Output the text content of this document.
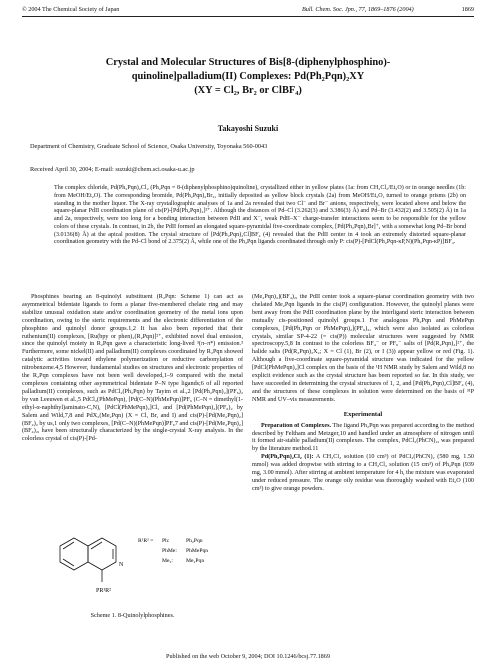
© 2004 The Chemical Society of Japan	Bull. Chem. Soc. Jpn., 77, 1869–1876 (2004)	1869
Crystal and Molecular Structures of Bis[8-(diphenylphosphino)-
quinoline]palladium(II) Complexes: Pd(Ph₂Pqn)₂XY
(XY = Cl₂, Br₂ or ClBF₄)
Takayoshi Suzuki
Department of Chemistry, Graduate School of Science, Osaka University, Toyonaka 560-0043
Received April 30, 2004; E-mail: suzuki@chem.sci.osaka-u.ac.jp
The complex chloride, Pd(Ph₂Pqn)₂Cl₂ (Ph₂Pqn = 8-(diphenylphosphino)quinoline), crystallized either in yellow plates (1a: from CH₂Cl₂/Et₂O) or in orange needles (1b: from MeOH/Et₂O). The corresponding bromide, Pd(Ph₂Pqn)₂Br₂, initially deposited as yellow block crystals (2a) from MeOH/Et₂O, turned to orange prisms (2b) on standing in the mother liquor. The X-ray crystallographic analyses of 1a and 2a revealed that two Cl⁻ and Br⁻ anions, respectively, were located above and below the square-planar PdII coordination plane of cis(P)-[Pd(Ph₂Pqn)₂]²⁺. Although the distances of Pd–Cl (3.262(3) and 3.386(3) Å) and Pd–Br (3.432(2) and 3.505(2) Å) in 1a and 2a, respectively, were too long for a bonding interaction between PdII and X⁻, weak PdII–X⁻ charge-transfer interactions seem to be responsible for the yellow colors of these crystals. In contrast, in 2b, the PdII formed an elongated square-pyramidal five-coordinate complex, [Pd(Ph₂Pqn)₂Br]⁺, with a somewhat long Pd–Br bond (3.0136(8) Å) at the apical position. The crystal structure of [Pd(Ph₂Pqn)₂Cl]BF₄ (4) revealed that the PdII center in 4 took an extremely distorted square-planar coordination geometry with the Pd–Cl bond of 2.375(2) Å, while one of the Ph₂Pqn ligands coordinated through only P: cis(P)-[PdCl(Ph₂Pqn-κP,N)(Ph₂Pqn-κP)]BF₄.

Phosphines bearing an 8-quinolyl substituent (R₂Pqn: Scheme 1) can act as asymmetrical bidentate ligands to form a planar five-membered chelate ring and may stabilize unusual oxidation state and/or coordination geometry of the metal ions upon coordination, owing to the steric requirements and the electronic differentiation of the phosphino and quinolyl donor groups.1,2 It has also been reported that their ruthenium(II) complexes, [Ru(bpy or phen)₂(R₂Pqn)]²⁺, exhibited novel dual emission, since the quinolyl moiety in R₂Pqn gave a characteristic long-lived ³(π–π*) emission.³ Furthermore, some nickel(II) and palladium(II) complexes coordinated by R₂Pqn showed catalytic activities toward ethylene polymerization or reductive carbonylation of nitrobenzene.4,5 However, fundamental studies on structures and electronic properties of the R₂Pqn complexes have not been well developed,1–9 compared with the metal complexes containing other asymmetrical bidentate P–N type ligands;6 of all reported palladium(II) complexes, such as PdCl₂(Ph₂Pqn) by Tayim et al.,2 [Pd(Ph₂Pqn)₂](PF₆)₂ by van Leeuwen et al.,5 PdCl₂(PhMePqn), [Pd(C–N)(PhMePqn)]PF₆ (C–N = dimethyl(1-ethyl-α-naphthyl)aminato-C,N), [PdCl(PhMePqn)₂]Cl, and [Pd(PhMePqn)₂](PF₆)₂ by Salem and Wild,7,8 and PdX₂(Me₂Pqn) (X = Cl, Br, and I) and cis(P)-[Pd(Me₂Pqn)₂](BF₄)₂ by us,1 only two complexes, [Pd(C–N)(PhMePqn)]PF₆7 and cis(P)-[Pd(Me₂Pqn)₂](BF₄)₂, have been structurally characterized by the single-crystal X-ray analysis. In the colorless crystal of cis(P)-[Pd-

PR¹R²
N
R¹R² = Ph:	Ph₂Pqn
PhMe: PhMePqn
Me₂: Me₂Pqn
Scheme 1. 8-Quinolylphosphines.

(Me₂Pqn)₂](BF₄)₂, the PdII center took a square-planar coordination geometry with two chelated Me₂Pqn ligands in the cis(P) configuration. However, the quinolyl planes were bent away from the PdII coordination plane by the interligand steric interaction between mutually cis-positioned quinolyl groups.1 For analogous Ph₂Pqn and PhMePqn complexes, [Pd(Ph₂Pqn or PhMePqn)₂](PF₆)₂, which were also isolated as colorless crystals, similar SP-4-22 (= cis(P)) molecular structures were suggested by NMR spectroscopy.5,8 In contrast to the colorless BF₄⁻ or PF₆⁻ salts of [Pd(R₂Pqn)₂]²⁺, the halide salts (Pd(R₂Pqn)₂X₂; X = Cl (1), Br (2), or I (3)) appear yellow or red (Fig. 1). Although a five-coordinate square-pyramidal structure was indicated for the yellow [PdCl(PhMePqn)₂]Cl complex on the basis of the ¹H NMR study by Salem and Wild,8 no explicit evidence such as the crystal structure has been reported so far. In this study, we have succeeded in determining the crystal structures of 1, 2, and [Pd(Ph₂Pqn)₂Cl]BF₄ (4), and the structures of these complexes in solution were determined on the basis of ³¹P NMR and UV–vis measurements.

Experimental

Preparation of Complexes. The ligand Ph₂Pqn was prepared according to the method described by Feltham and Metzger,10 and handled under an atmosphere of nitrogen until it formed air-stable palladium(II) complexes. The complex, PdCl₂(PhCN)₂, was prepared by the literature method.11

Pd(Ph₂Pqn)₂Cl₂ (1): A CH₂Cl₂ solution (10 cm³) of PdCl₂(PhCN)₂ (580 mg, 1.50 mmol) was added dropwise with stirring to a CH₂Cl₂ solution (15 cm³) of Ph₂Pqn (939 mg, 3.00 mmol). After stirring at ambient temperature for 4 h, the mixture was evaporated under reduced pressure. The orange oily residue was thoroughly washed with Et₂O (100 cm³) to give orange powders.

Published on the web October 9, 2004; DOI 10.1246/bcsj.77.1869
